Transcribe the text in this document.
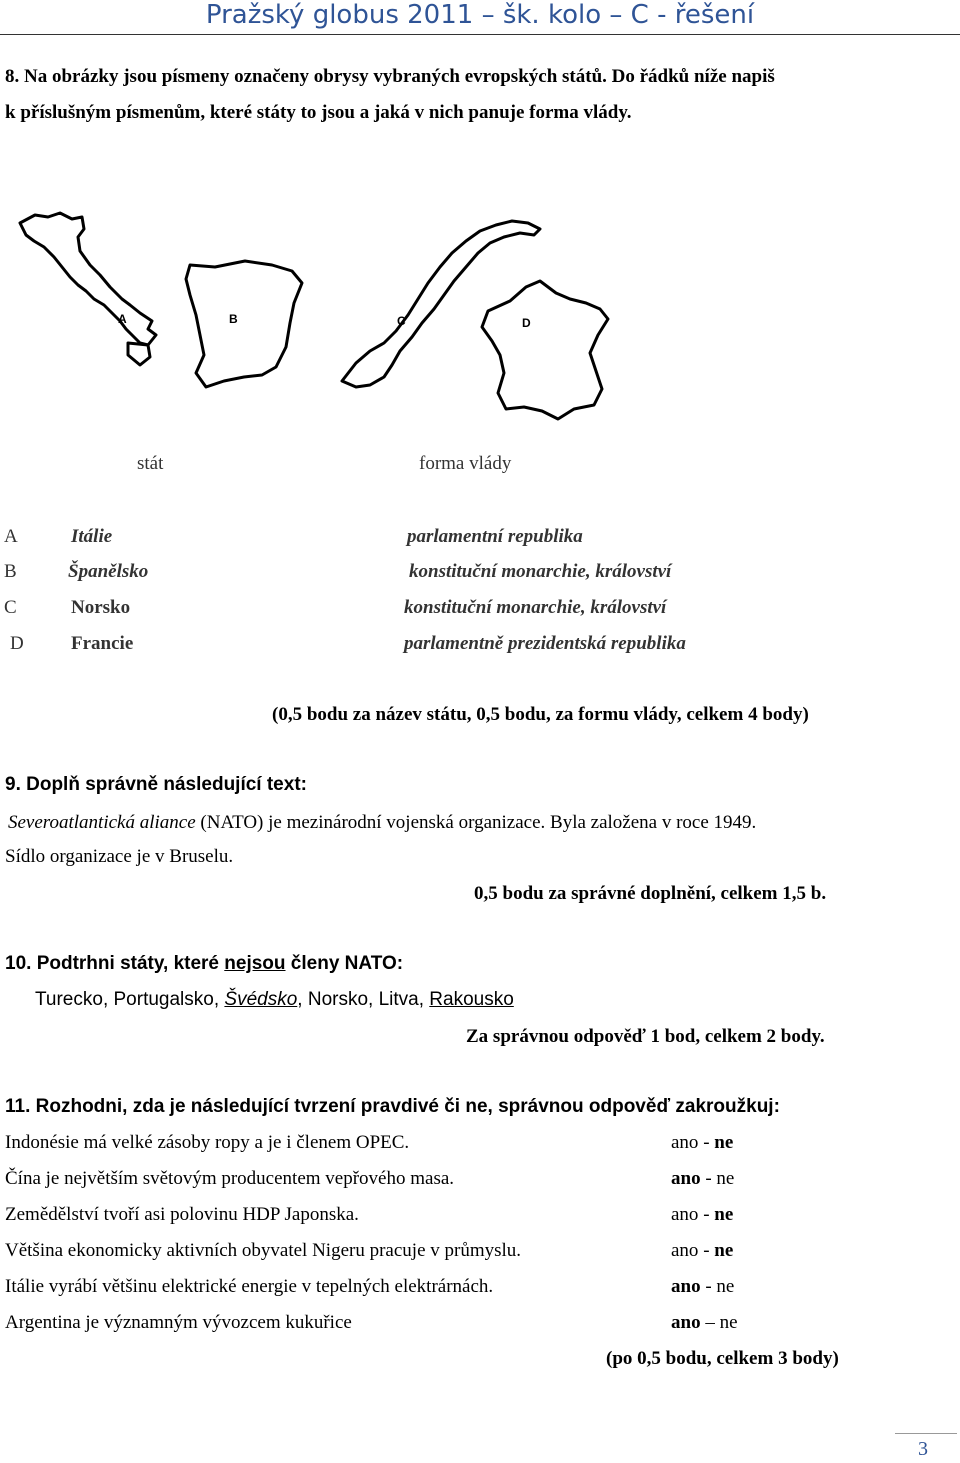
Pražský globus 2011 – šk. kolo – C - řešení
8. Na obrázky jsou písmeny označeny obrysy vybraných evropských států. Do řádků níže napiš
k příslušným písmenům, které státy to jsou a jaká v nich panuje forma vlády.
A	B	C	D
stát	forma vlády
A	Itálie	parlamentní republika
B	Španělsko	konstituční monarchie, království
C	Norsko	konstituční monarchie, království
D Francie	parlamentně prezidentská republika
(0,5 bodu za název státu, 0,5 bodu, za formu vlády, celkem 4 body)
9. Doplň správně následující text:
Severoatlantická aliance (NATO) je mezinárodní vojenská organizace. Byla založena v roce 1949.
Sídlo organizace je v Bruselu.
0,5 bodu za správné doplnění, celkem 1,5 b.
10. Podtrhni státy, které nejsou členy NATO:
Turecko, Portugalsko, Švédsko, Norsko, Litva, Rakousko
Za správnou odpověď 1 bod, celkem 2 body.
11. Rozhodni, zda je následující tvrzení pravdivé či ne, správnou odpověď zakroužkuj:
Indonésie má velké zásoby ropy a je i členem OPEC.	ano - ne
Čína je největším světovým producentem vepřového masa.	ano - ne
Zemědělství tvoří asi polovinu HDP Japonska.	ano - ne
Většina ekonomicky aktivních obyvatel Nigeru pracuje v průmyslu.	ano - ne
Itálie vyrábí většinu elektrické energie v tepelných elektrárnách.	ano - ne
Argentina je významným vývozcem kukuřice	ano – ne
(po 0,5 bodu, celkem 3 body)
3
